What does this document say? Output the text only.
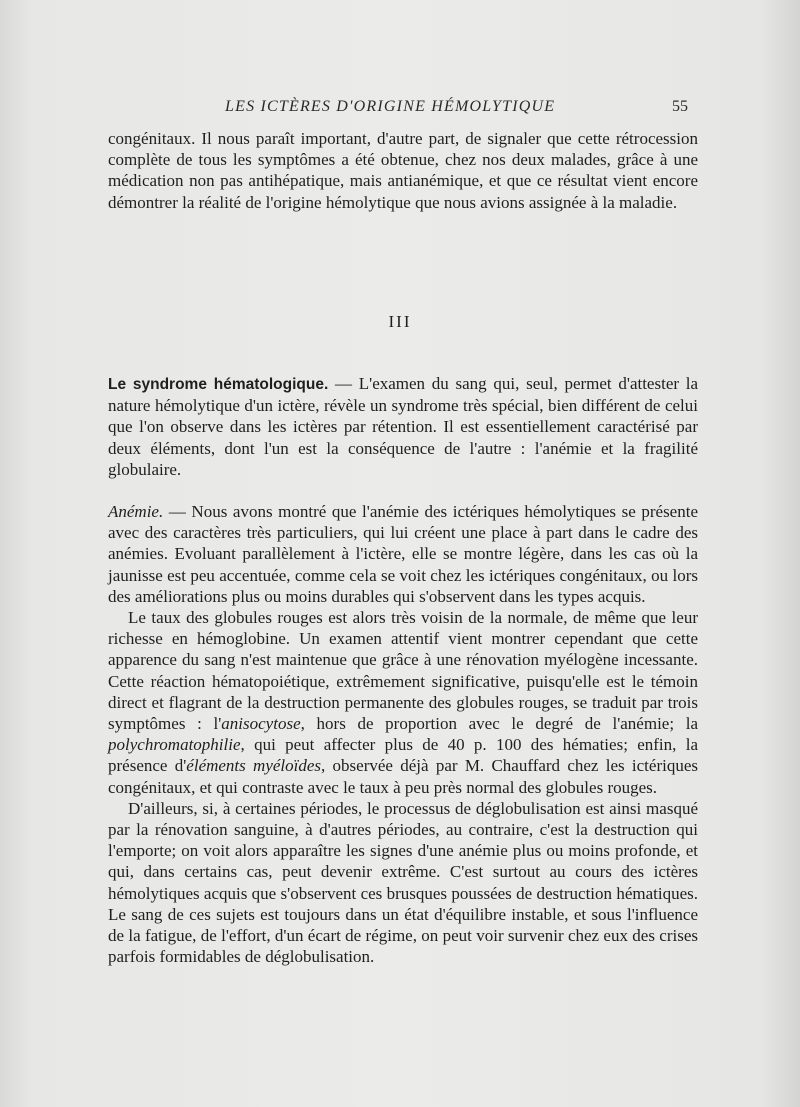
LES ICTÈRES D'ORIGINE HÉMOLYTIQUE	55

congénitaux. Il nous paraît important, d'autre part, de signaler que cette rétrocession complète de tous les symptômes a été obtenue, chez nos deux malades, grâce à une médication non pas antihépatique, mais antianémique, et que ce résultat vient encore démontrer la réalité de l'origine hémolytique que nous avions assignée à la maladie.

III

Le syndrome hématologique. — L'examen du sang qui, seul, permet d'attester la nature hémolytique d'un ictère, révèle un syndrome très spécial, bien différent de celui que l'on observe dans les ictères par rétention. Il est essentiellement caractérisé par deux éléments, dont l'un est la conséquence de l'autre : l'anémie et la fragilité globulaire.

Anémie. — Nous avons montré que l'anémie des ictériques hémolytiques se présente avec des caractères très particuliers, qui lui créent une place à part dans le cadre des anémies. Evoluant parallèlement à l'ictère, elle se montre légère, dans les cas où la jaunisse est peu accentuée, comme cela se voit chez les ictériques congénitaux, ou lors des améliorations plus ou moins durables qui s'observent dans les types acquis.

Le taux des globules rouges est alors très voisin de la normale, de même que leur richesse en hémoglobine. Un examen attentif vient montrer cependant que cette apparence du sang n'est maintenue que grâce à une rénovation myélogène incessante. Cette réaction hématopoiétique, extrêmement significative, puisqu'elle est le témoin direct et flagrant de la destruction permanente des globules rouges, se traduit par trois symptômes : l'anisocytose, hors de proportion avec le degré de l'anémie; la polychromatophilie, qui peut affecter plus de 40 p. 100 des hématies; enfin, la présence d'éléments myéloïdes, observée déjà par M. Chauffard chez les ictériques congénitaux, et qui contraste avec le taux à peu près normal des globules rouges.

D'ailleurs, si, à certaines périodes, le processus de déglobulisation est ainsi masqué par la rénovation sanguine, à d'autres périodes, au contraire, c'est la destruction qui l'emporte; on voit alors apparaître les signes d'une anémie plus ou moins profonde, et qui, dans certains cas, peut devenir extrême. C'est surtout au cours des ictères hémolytiques acquis que s'observent ces brusques poussées de destruction hématiques. Le sang de ces sujets est toujours dans un état d'équilibre instable, et sous l'influence de la fatigue, de l'effort, d'un écart de régime, on peut voir survenir chez eux des crises parfois formidables de déglobulisation.
